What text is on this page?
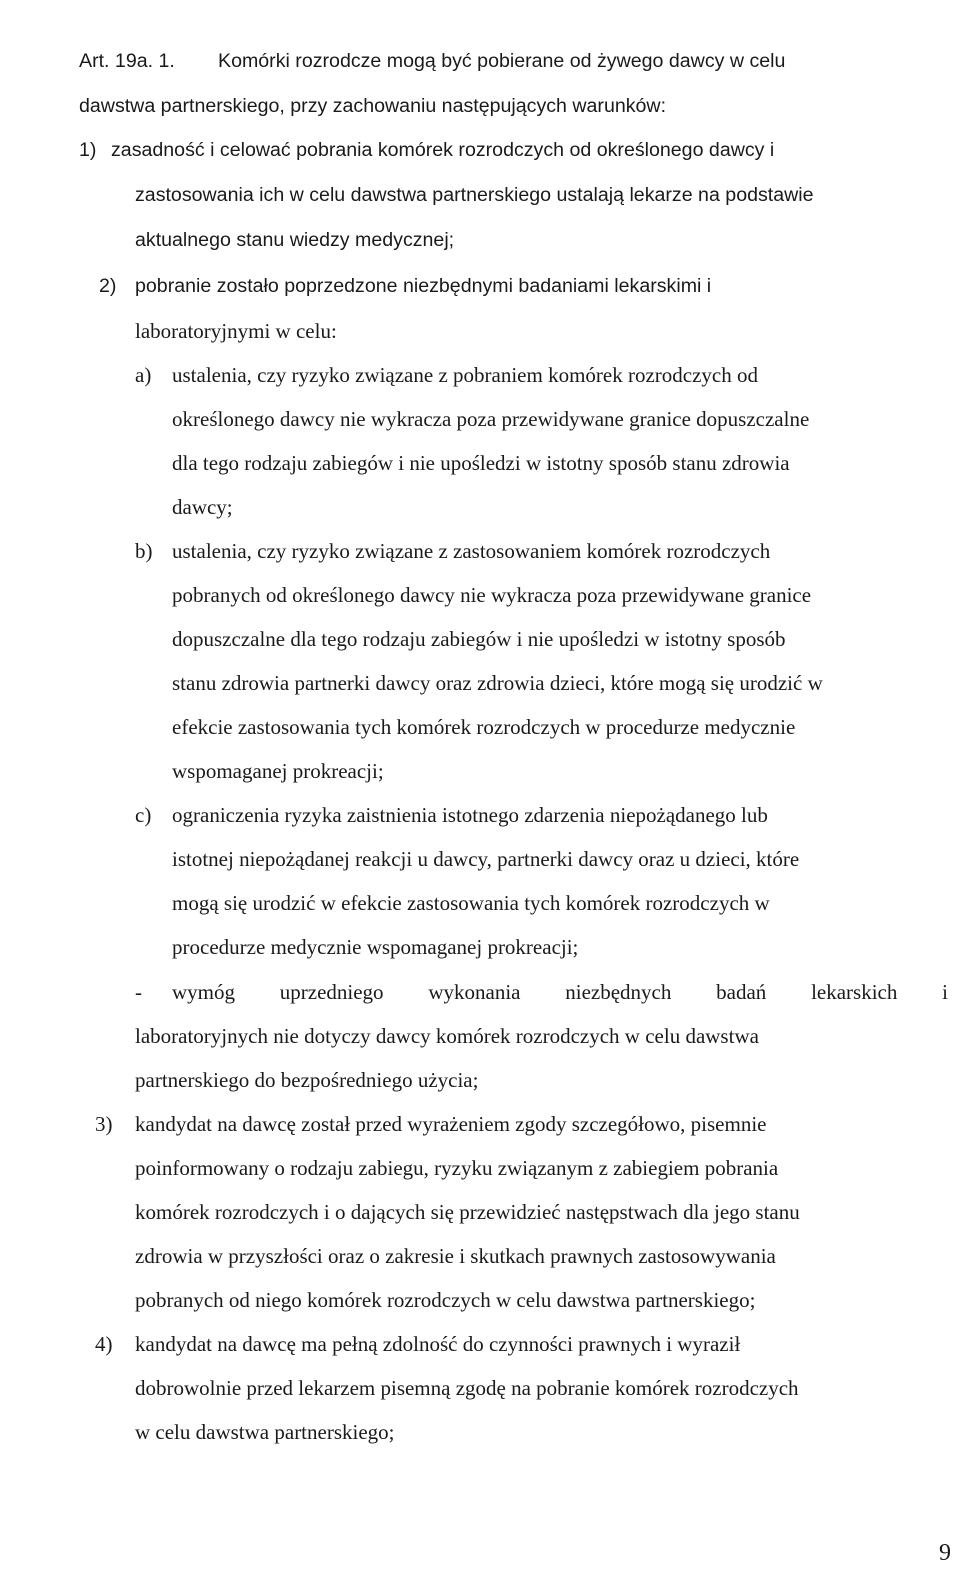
Art. 19a. 1. Komórki rozrodcze mogą być pobierane od żywego dawcy w celu
dawstwa partnerskiego, przy zachowaniu następujących warunków:
1) zasadność i celować pobrania komórek rozrodczych od określonego dawcy i
zastosowania ich w celu dawstwa partnerskiego ustalają lekarze na podstawie
aktualnego stanu wiedzy medycznej;
2) pobranie zostało poprzedzone niezbędnymi badaniami lekarskimi i
laboratoryjnymi w celu:
a) ustalenia, czy ryzyko związane z pobraniem komórek rozrodczych od
określonego dawcy nie wykracza poza przewidywane granice dopuszczalne
dla tego rodzaju zabiegów i nie upośledzi w istotny sposób stanu zdrowia
dawcy;
b) ustalenia, czy ryzyko związane z zastosowaniem komórek rozrodczych
pobranych od określonego dawcy nie wykracza poza przewidywane granice
dopuszczalne dla tego rodzaju zabiegów i nie upośledzi w istotny sposób
stanu zdrowia partnerki dawcy oraz zdrowia dzieci, które mogą się urodzić w
efekcie zastosowania tych komórek rozrodczych w procedurze medycznie
wspomaganej prokreacji;
c) ograniczenia ryzyka zaistnienia istotnego zdarzenia niepożądanego lub
istotnej niepożądanej reakcji u dawcy, partnerki dawcy oraz u dzieci, które
mogą się urodzić w efekcie zastosowania tych komórek rozrodczych w
procedurze medycznie wspomaganej prokreacji;
- wymóg uprzedniego wykonania niezbędnych badań lekarskich i
laboratoryjnych nie dotyczy dawcy komórek rozrodczych w celu dawstwa
partnerskiego do bezpośredniego użycia;
3) kandydat na dawcę został przed wyrażeniem zgody szczegółowo, pisemnie
poinformowany o rodzaju zabiegu, ryzyku związanym z zabiegiem pobrania
komórek rozrodczych i o dających się przewidzieć następstwach dla jego stanu
zdrowia w przyszłości oraz o zakresie i skutkach prawnych zastosowywania
pobranych od niego komórek rozrodczych w celu dawstwa partnerskiego;
4) kandydat na dawcę ma pełną zdolność do czynności prawnych i wyraził
dobrowolnie przed lekarzem pisemną zgodę na pobranie komórek rozrodczych
w celu dawstwa partnerskiego;
9
